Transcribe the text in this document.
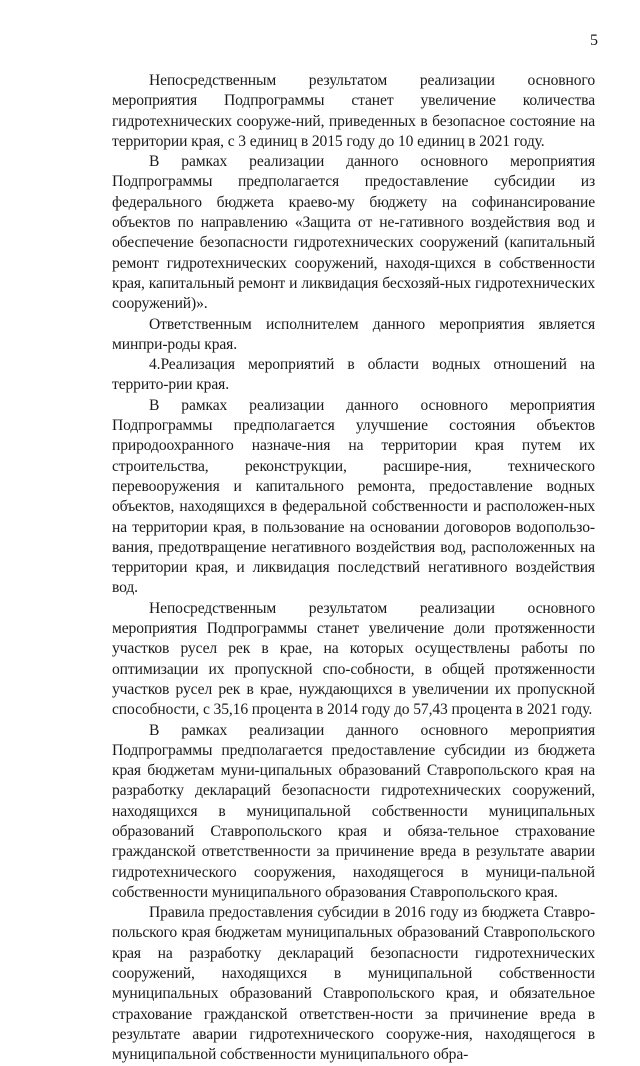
5

Непосредственным результатом реализации основного мероприятия Подпрограммы станет увеличение количества гидротехнических сооруже-ний, приведенных в безопасное состояние на территории края, с 3 единиц в 2015 году до 10 единиц в 2021 году.

В рамках реализации данного основного мероприятия Подпрограммы предполагается предоставление субсидии из федерального бюджета краево-му бюджету на софинансирование объектов по направлению «Защита от не-гативного воздействия вод и обеспечение безопасности гидротехнических сооружений (капитальный ремонт гидротехнических сооружений, находя-щихся в собственности края, капитальный ремонт и ликвидация бесхозяй-ных гидротехнических сооружений)».

Ответственным исполнителем данного мероприятия является минпри-роды края.

4.Реализация мероприятий в области водных отношений на террито-рии края.

В рамках реализации данного основного мероприятия Подпрограммы предполагается улучшение состояния объектов природоохранного назначе-ния на территории края путем их строительства, реконструкции, расшире-ния, технического перевооружения и капитального ремонта, предоставление водных объектов, находящихся в федеральной собственности и расположен-ных на территории края, в пользование на основании договоров водопользо-вания, предотвращение негативного воздействия вод, расположенных на территории края, и ликвидация последствий негативного воздействия вод.

Непосредственным результатом реализации основного мероприятия Подпрограммы станет увеличение доли протяженности участков русел рек в крае, на которых осуществлены работы по оптимизации их пропускной спо-собности, в общей протяженности участков русел рек в крае, нуждающихся в увеличении их пропускной способности, с 35,16 процента в 2014 году до 57,43 процента в 2021 году.

В рамках реализации данного основного мероприятия Подпрограммы предполагается предоставление субсидии из бюджета края бюджетам муни-ципальных образований Ставропольского края на разработку деклараций безопасности гидротехнических сооружений, находящихся в муниципальной собственности муниципальных образований Ставропольского края и обяза-тельное страхование гражданской ответственности за причинение вреда в результате аварии гидротехнического сооружения, находящегося в муници-пальной собственности муниципального образования Ставропольского края.

Правила предоставления субсидии в 2016 году из бюджета Ставро-польского края бюджетам муниципальных образований Ставропольского края на разработку деклараций безопасности гидротехнических сооружений, находящихся в муниципальной собственности муниципальных образований Ставропольского края, и обязательное страхование гражданской ответствен-ности за причинение вреда в результате аварии гидротехнического сооруже-ния, находящегося в муниципальной собственности муниципального обра-
